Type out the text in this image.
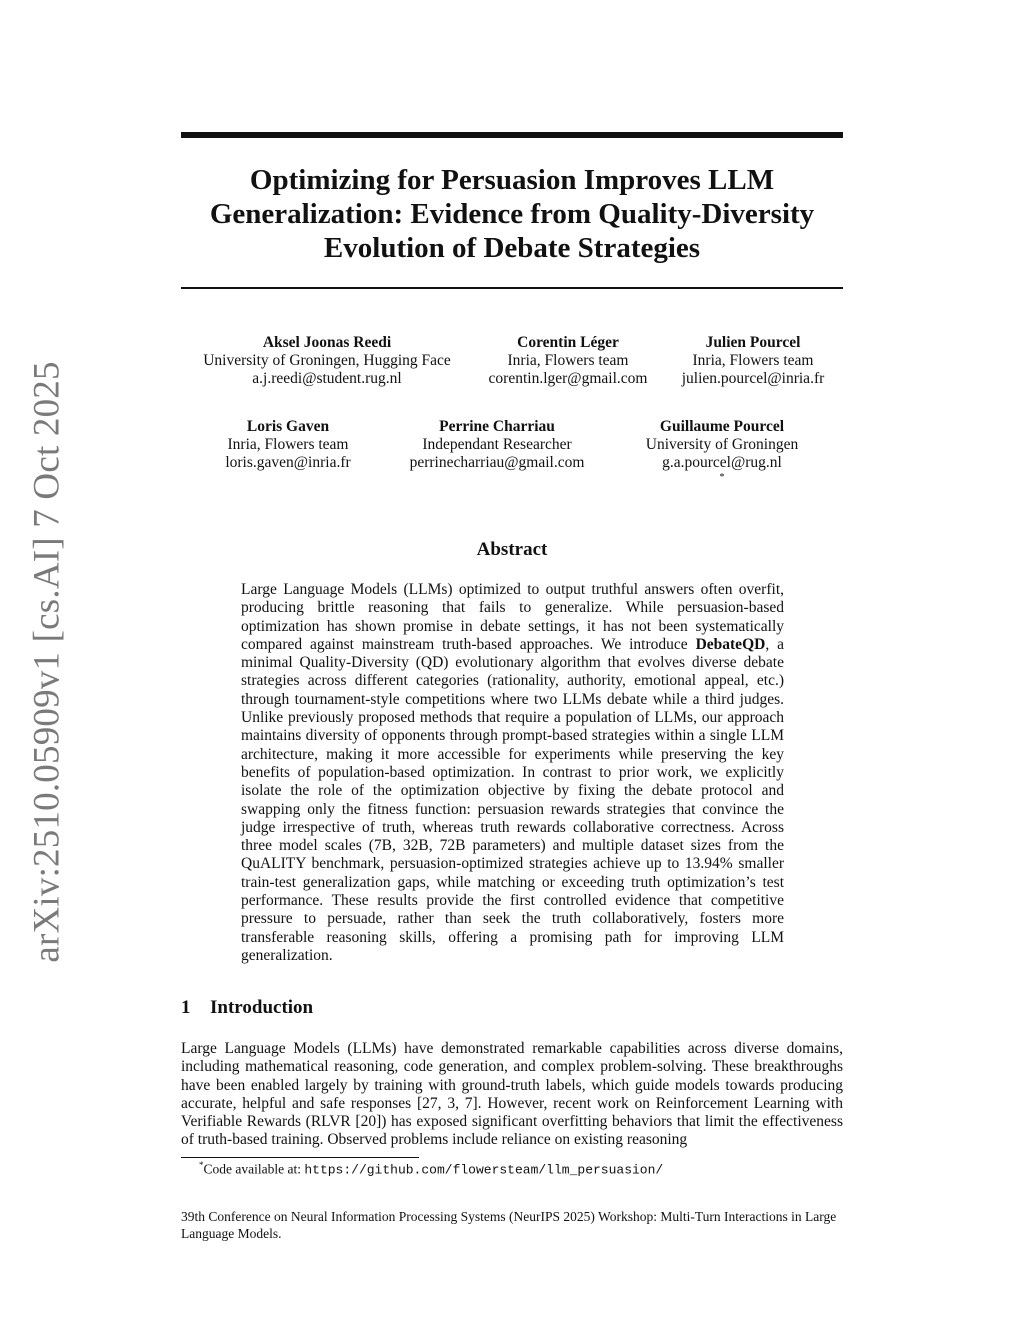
arXiv:2510.05909v1 [cs.AI] 7 Oct 2025
Optimizing for Persuasion Improves LLM Generalization: Evidence from Quality-Diversity Evolution of Debate Strategies
Aksel Joonas Reedi
University of Groningen, Hugging Face
a.j.reedi@student.rug.nl
Corentin Léger
Inria, Flowers team
corentin.lger@gmail.com
Julien Pourcel
Inria, Flowers team
julien.pourcel@inria.fr
Loris Gaven
Inria, Flowers team
loris.gaven@inria.fr
Perrine Charriau
Independant Researcher
perrinecharriau@gmail.com
Guillaume Pourcel
University of Groningen
g.a.pourcel@rug.nl
*
Abstract
Large Language Models (LLMs) optimized to output truthful answers often overfit, producing brittle reasoning that fails to generalize. While persuasion-based optimization has shown promise in debate settings, it has not been systematically compared against mainstream truth-based approaches. We introduce DebateQD, a minimal Quality-Diversity (QD) evolutionary algorithm that evolves diverse debate strategies across different categories (rationality, authority, emotional appeal, etc.) through tournament-style competitions where two LLMs debate while a third judges. Unlike previously proposed methods that require a population of LLMs, our approach maintains diversity of opponents through prompt-based strategies within a single LLM architecture, making it more accessible for experiments while preserving the key benefits of population-based optimization. In contrast to prior work, we explicitly isolate the role of the optimization objective by fixing the debate protocol and swapping only the fitness function: persuasion rewards strategies that convince the judge irrespective of truth, whereas truth rewards collaborative correctness. Across three model scales (7B, 32B, 72B parameters) and multiple dataset sizes from the QuALITY benchmark, persuasion-optimized strategies achieve up to 13.94% smaller train-test generalization gaps, while matching or exceeding truth optimization’s test performance. These results provide the first controlled evidence that competitive pressure to persuade, rather than seek the truth collaboratively, fosters more transferable reasoning skills, offering a promising path for improving LLM generalization.
1 Introduction
Large Language Models (LLMs) have demonstrated remarkable capabilities across diverse domains, including mathematical reasoning, code generation, and complex problem-solving. These breakthroughs have been enabled largely by training with ground-truth labels, which guide models towards producing accurate, helpful and safe responses [27, 3, 7]. However, recent work on Reinforcement Learning with Verifiable Rewards (RLVR [20]) has exposed significant overfitting behaviors that limit the effectiveness of truth-based training. Observed problems include reliance on existing reasoning
*Code available at: https://github.com/flowersteam/llm_persuasion/
39th Conference on Neural Information Processing Systems (NeurIPS 2025) Workshop: Multi-Turn Interactions in Large Language Models.
